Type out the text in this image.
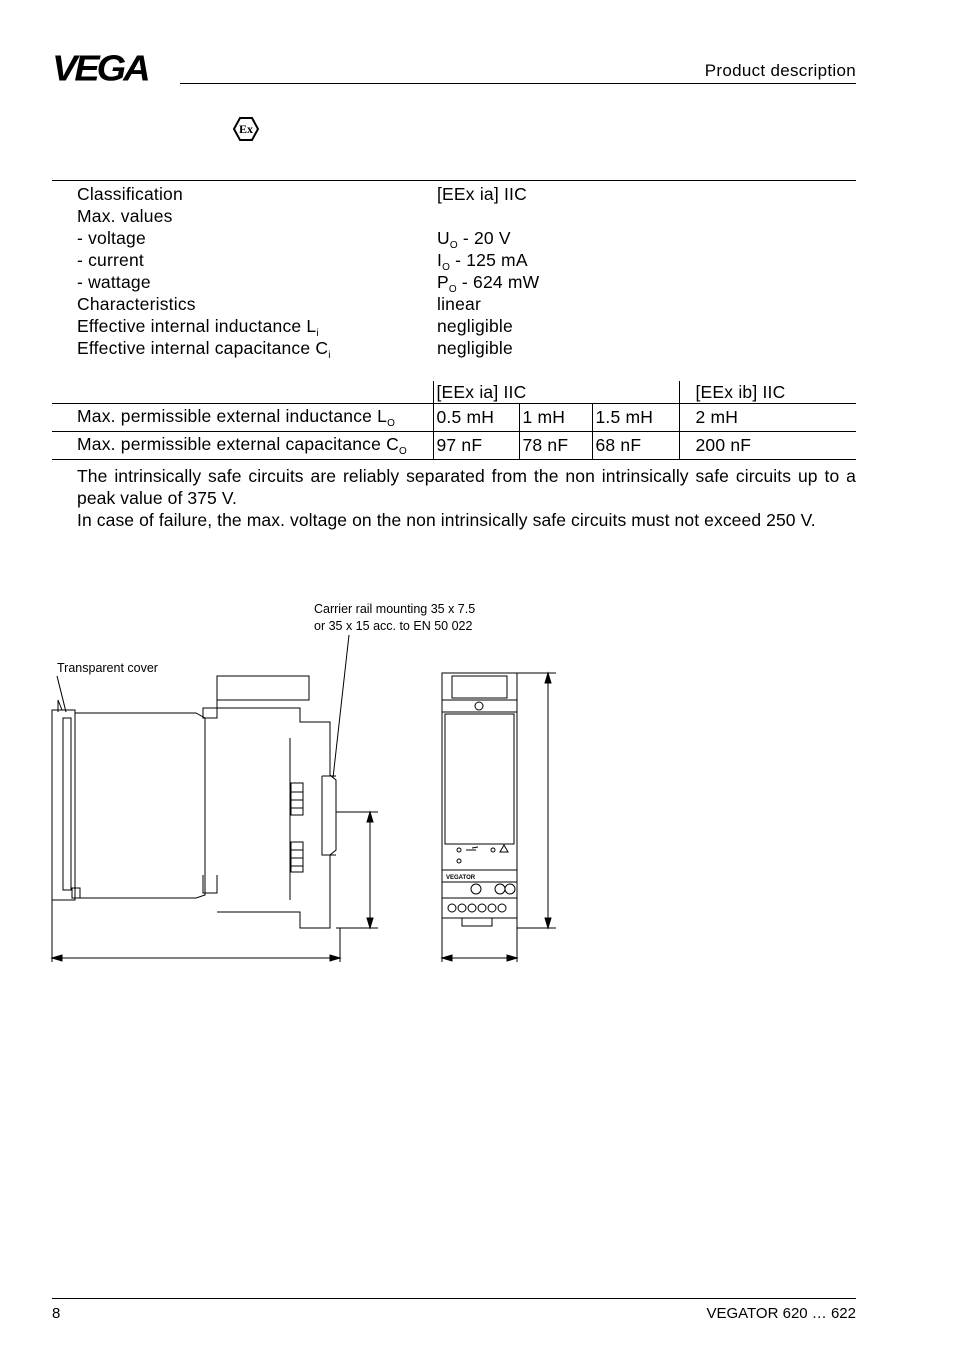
VEGA	Product description
Ex
Classification	[EEx ia] IIC
Max. values
- voltage	$U_O - 20$ V
- current	$I_O - 125$ mA
- wattage	$P_O - 624$ mW
Characteristics	linear
Effective internal inductance $L_i$	negligible
Effective internal capacitance $C_i$	negligible
	[EEx ia] IIC			[EEx ib] IIC
Max. permissible external inductance $L_O$	0.5 mH	1 mH	1.5 mH	2 mH
Max. permissible external capacitance $C_O$	97 nF	78 nF	68 nF	200 nF

The intrinsically safe circuits are reliably separated from the non intrinsically safe circuits up to a peak value of 375 V.

In case of failure, the max. voltage on the non intrinsically safe circuits must not exceed 250 V.

Carrier rail mounting 35 x 7.5
or 35 x 15 acc. to EN 50 022
Transparent cover
VEGATOR
8	VEGATOR 620 … 622
